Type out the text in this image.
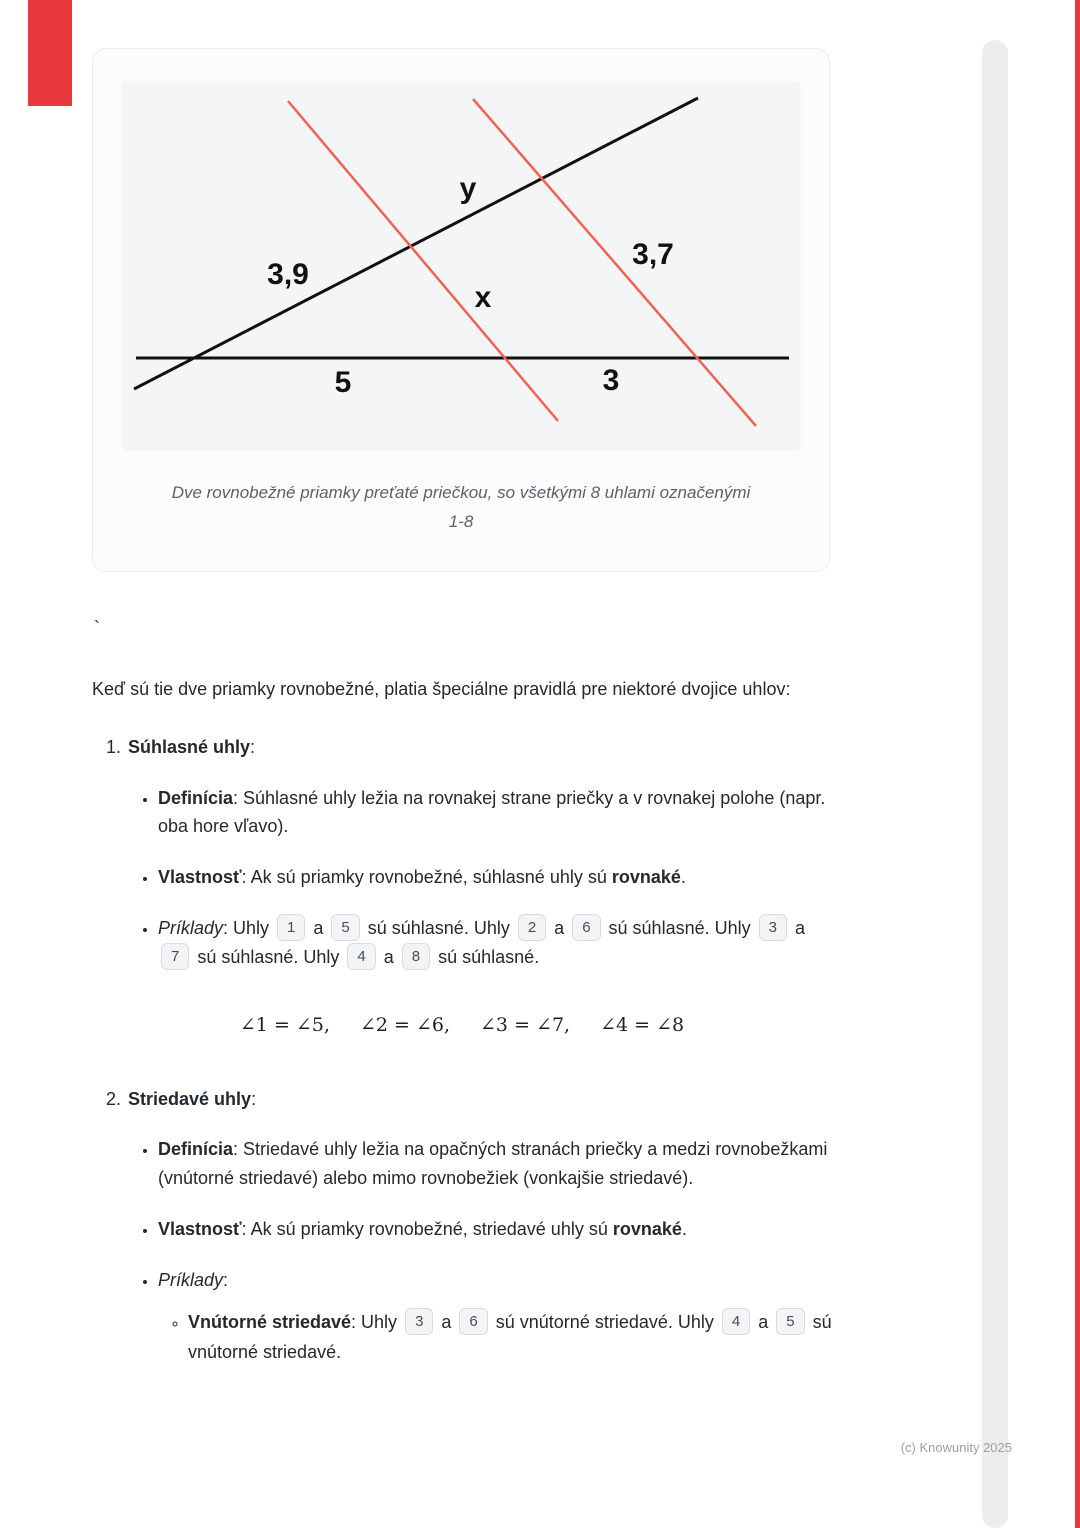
y
3,7
3,9
x
5	3
Dve rovnobežné priamky preťaté priečkou, so všetkými 8 uhlami označenými
1-8

`

Keď sú tie dve priamky rovnobežné, platia špeciálne pravidlá pre niektoré dvojice uhlov:

1. Súhlasné uhly:
• Definícia: Súhlasné uhly ležia na rovnakej strane priečky a v rovnakej polohe (napr. oba hore vľavo).
• Vlastnosť: Ak sú priamky rovnobežné, súhlasné uhly sú rovnaké.
• Príklady: Uhly 1 a 5 sú súhlasné. Uhly 2 a 6 sú súhlasné. Uhly 3 a 7 sú súhlasné. Uhly 4 a 8 sú súhlasné.
∠1 = ∠5, ∠2 = ∠6, ∠3 = ∠7, ∠4 = ∠8
2. Striedavé uhly:
• Definícia: Striedavé uhly ležia na opačných stranách priečky a medzi rovnobežkami (vnútorné striedavé) alebo mimo rovnobežiek (vonkajšie striedavé).
• Vlastnosť: Ak sú priamky rovnobežné, striedavé uhly sú rovnaké.
• Príklady:
◦ Vnútorné striedavé: Uhly 3 a 6 sú vnútorné striedavé. Uhly 4 a 5 sú vnútorné striedavé.
(c) Knowunity 2025
